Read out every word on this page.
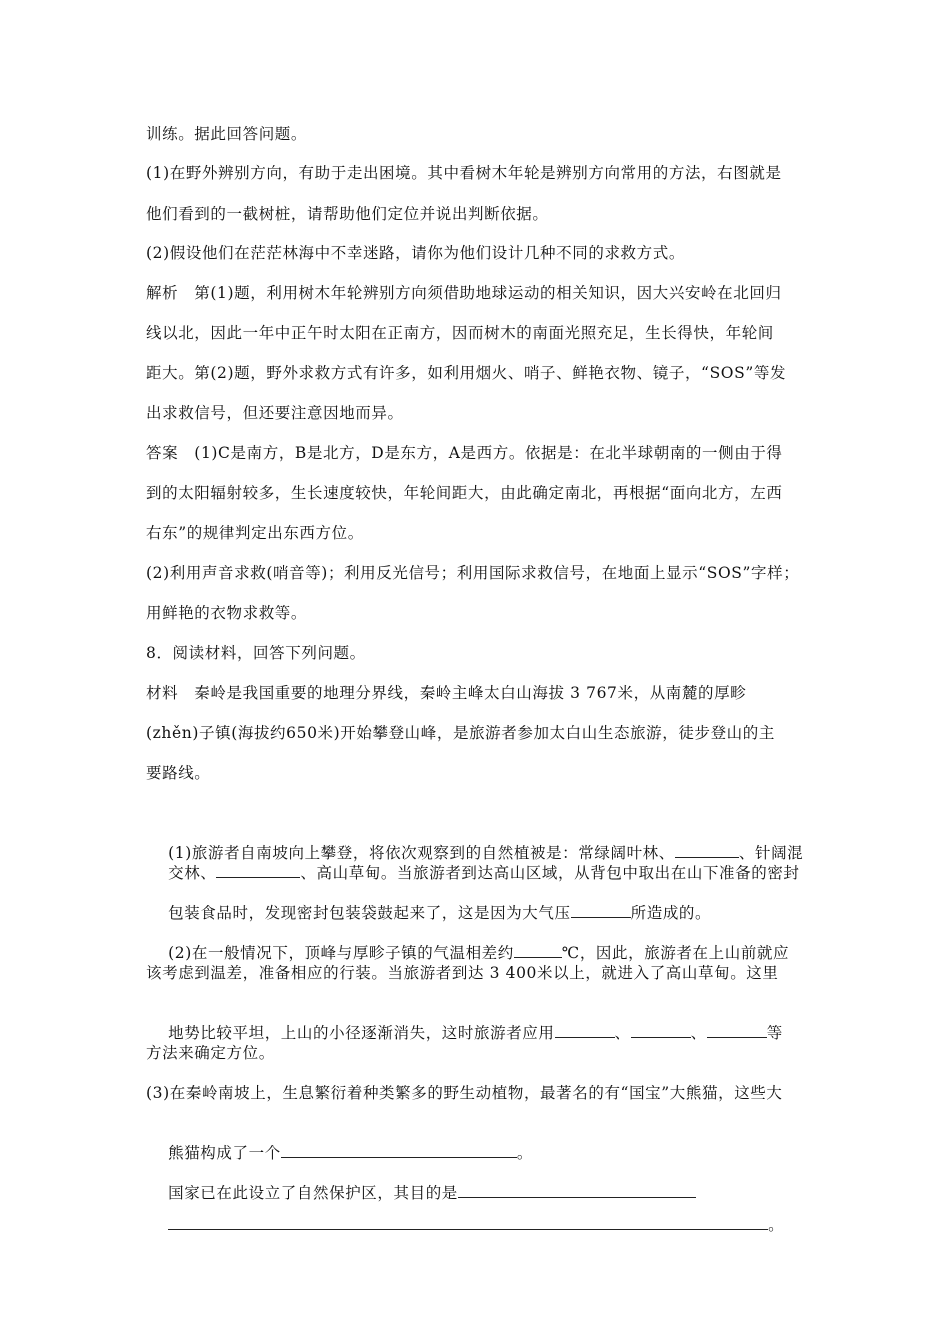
训练。据此回答问题。
(1)在野外辨别方向，有助于走出困境。其中看树木年轮是辨别方向常用的方法，右图就是
他们看到的一截树桩，请帮助他们定位并说出判断依据。
(2)假设他们在茫茫林海中不幸迷路，请你为他们设计几种不同的求救方式。
解析　第(1)题，利用树木年轮辨别方向须借助地球运动的相关知识，因大兴安岭在北回归
线以北，因此一年中正午时太阳在正南方，因而树木的南面光照充足，生长得快，年轮间
距大。第(2)题，野外求救方式有许多，如利用烟火、哨子、鲜艳衣物、镜子，“SOS”等发
出求救信号，但还要注意因地而异。
答案　(1)C是南方，B是北方，D是东方，A是西方。依据是：在北半球朝南的一侧由于得
到的太阳辐射较多，生长速度较快，年轮间距大，由此确定南北，再根据“面向北方，左西
右东”的规律判定出东西方位。
(2)利用声音求救(哨音等)；利用反光信号；利用国际求救信号，在地面上显示“SOS”字样；
用鲜艳的衣物求救等。
8．阅读材料，回答下列问题。
材料　秦岭是我国重要的地理分界线，秦岭主峰太白山海拔 3 767米，从南麓的厚畛
(zhěn)子镇(海拔约650米)开始攀登山峰，是旅游者参加太白山生态旅游，徒步登山的主
要路线。

(1)旅游者自南坡向上攀登，将依次观察到的自然植被是：常绿阔叶林、	、针阔混

交林、	、高山草甸。当旅游者到达高山区域，从背包中取出在山下准备的密封

包装食品时，发现密封包装袋鼓起来了，这是因为大气压	所造成的。

(2)在一般情况下，顶峰与厚畛子镇的气温相差约	℃，因此，旅游者在上山前就应

该考虑到温差，准备相应的行装。当旅游者到达 3 400米以上，就进入了高山草甸。这里

地势比较平坦，上山的小径逐渐消失，这时旅游者应用	、	、	等

方法来确定方位。
(3)在秦岭南坡上，生息繁衍着种类繁多的野生动植物，最著名的有“国宝”大熊猫，这些大

熊猫构成了一个	。

国家已在此设立了自然保护区，其目的是

。
